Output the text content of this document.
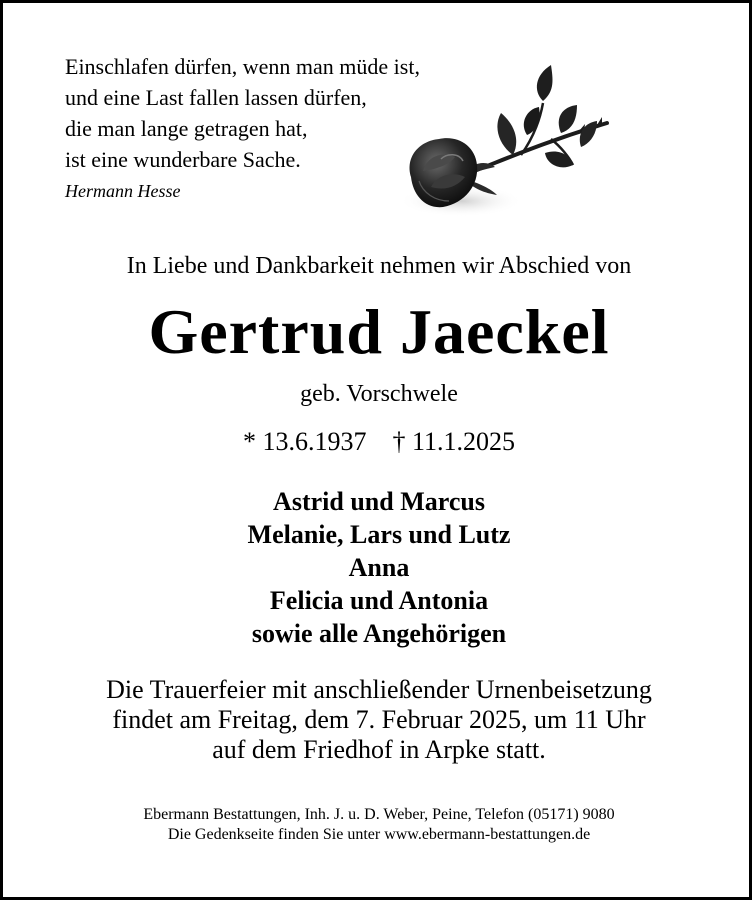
Einschlafen dürfen, wenn man müde ist,
und eine Last fallen lassen dürfen,
die man lange getragen hat,
ist eine wunderbare Sache.
Hermann Hesse
In Liebe und Dankbarkeit nehmen wir Abschied von
Gertrud Jaeckel
geb. Vorschwele
* 13.6.1937 † 11.1.2025
Astrid und Marcus
Melanie, Lars und Lutz
Anna
Felicia und Antonia
sowie alle Angehörigen
Die Trauerfeier mit anschließender Urnenbeisetzung
findet am Freitag, dem 7. Februar 2025, um 11 Uhr
auf dem Friedhof in Arpke statt.
Ebermann Bestattungen, Inh. J. u. D. Weber, Peine, Telefon (05171) 9080
Die Gedenkseite finden Sie unter www.ebermann-bestattungen.de
